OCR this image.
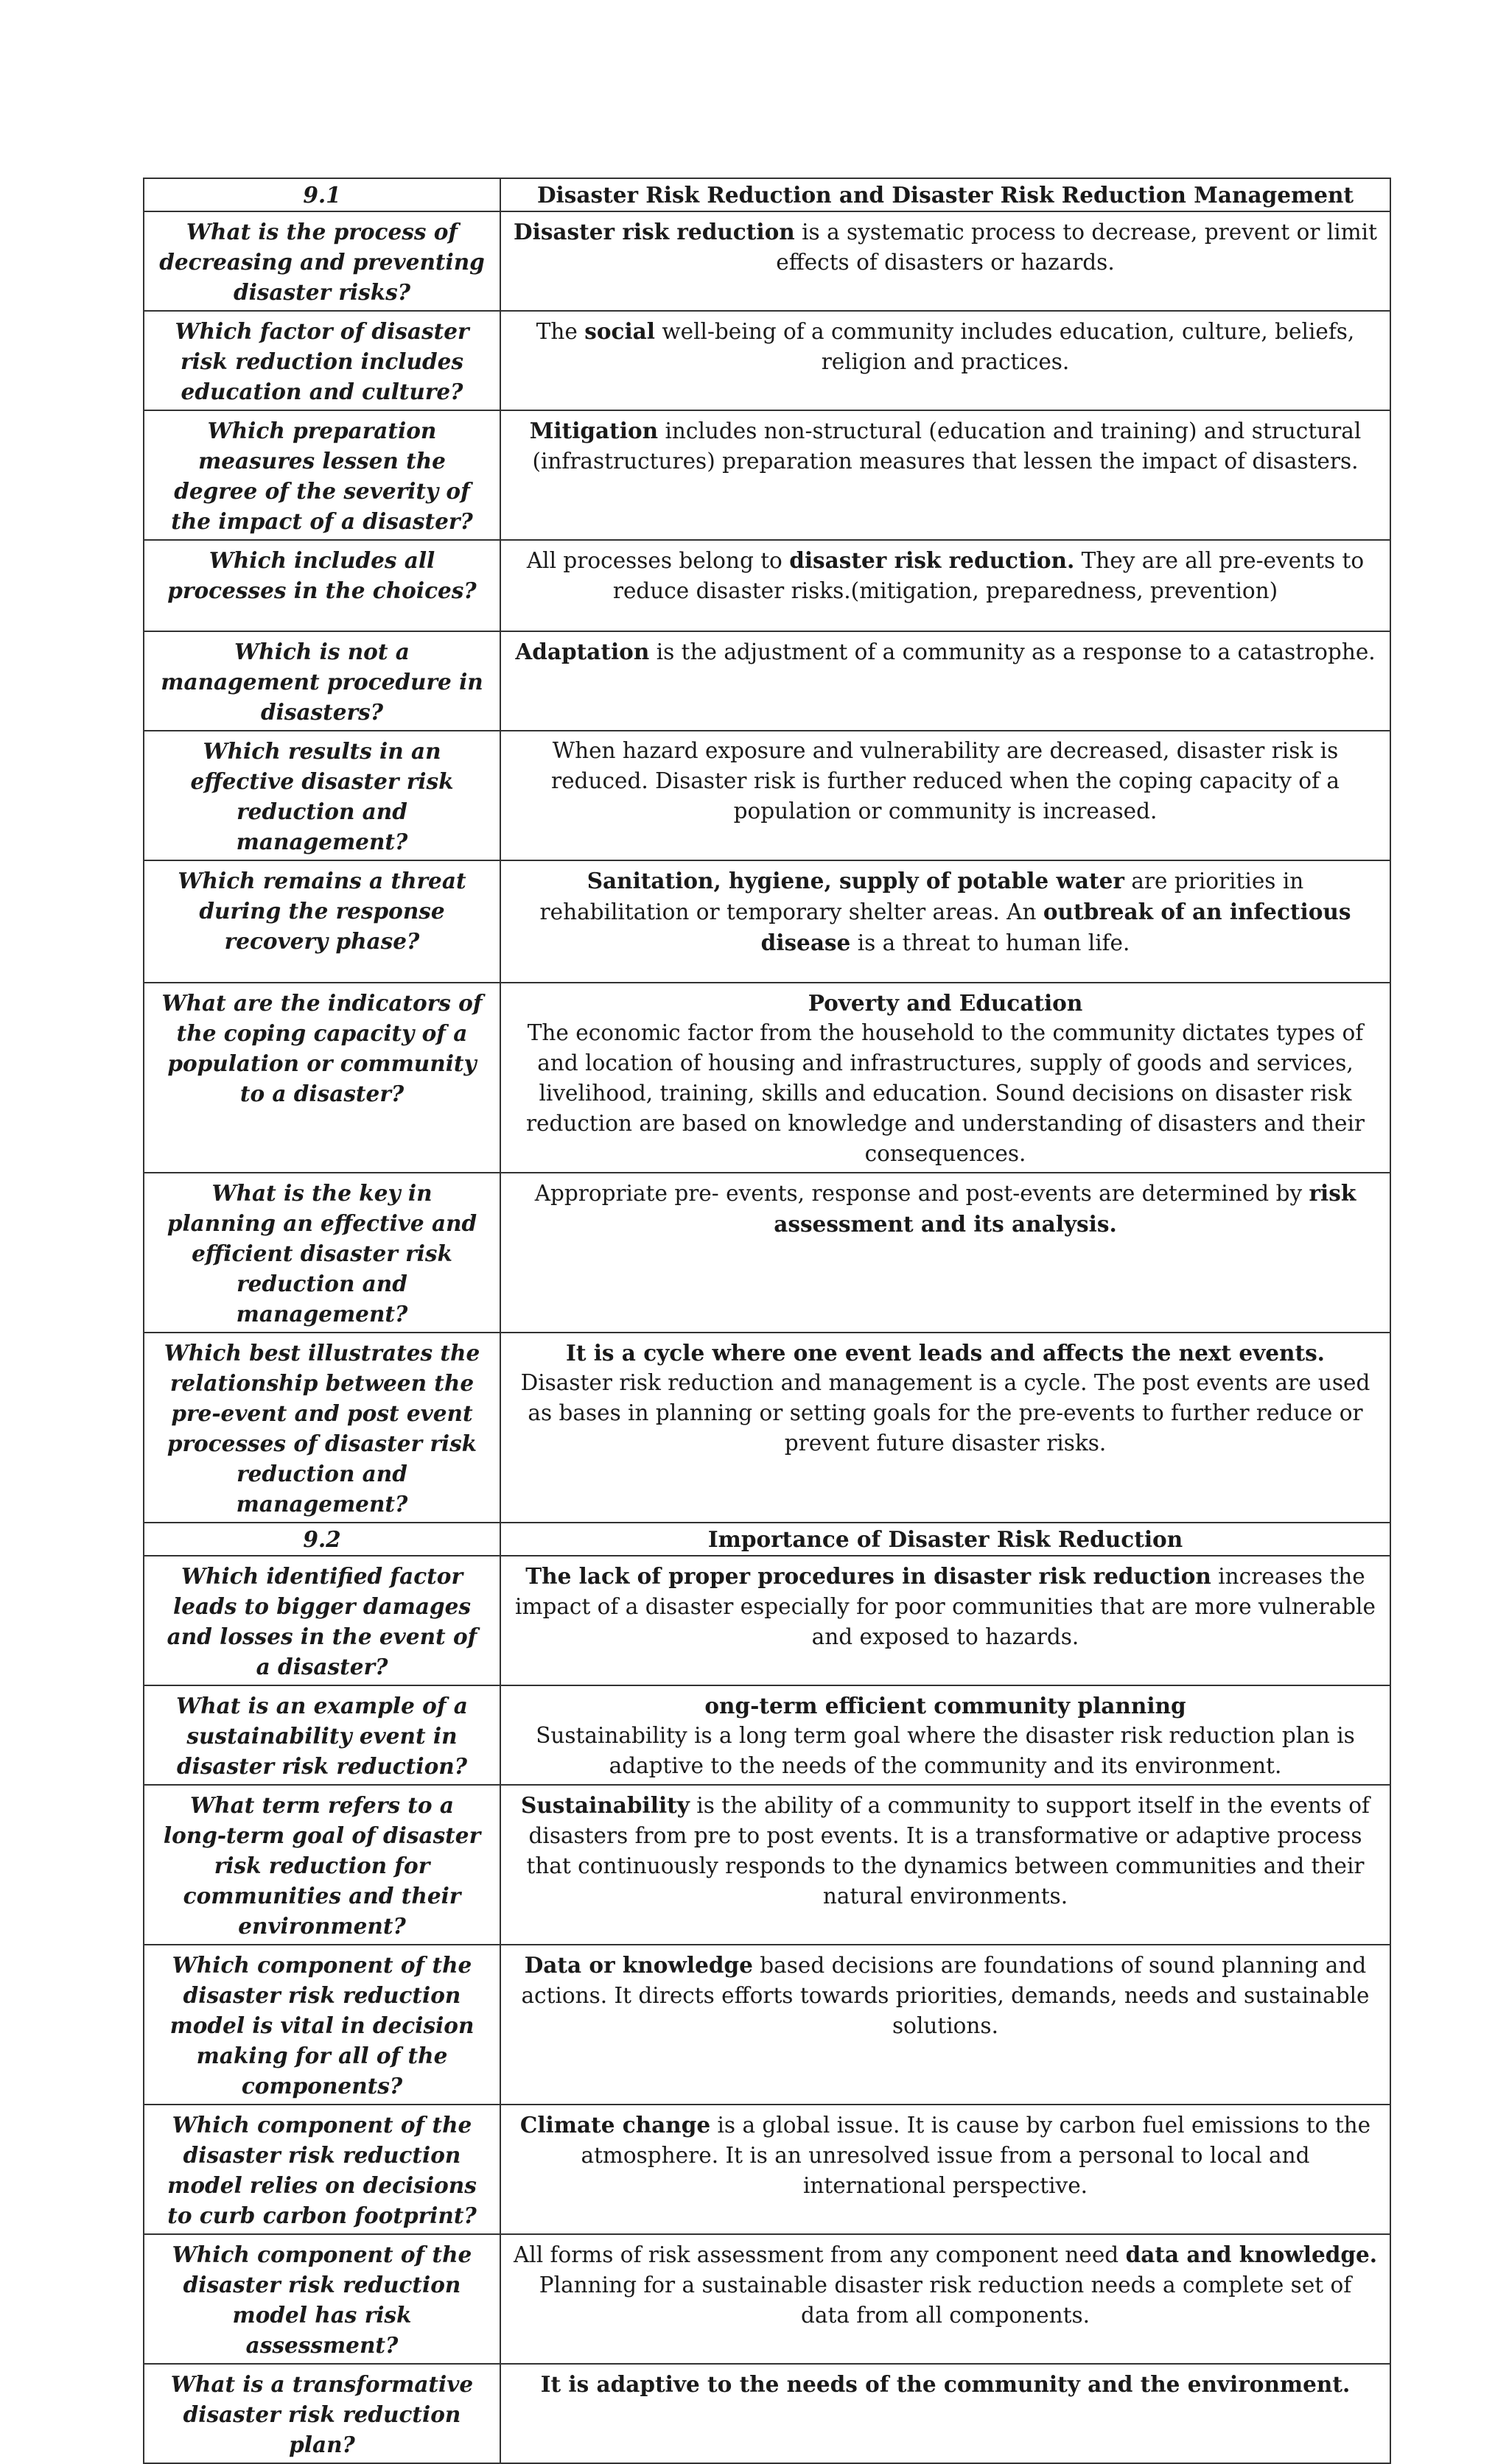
9.1	Disaster Risk Reduction and Disaster Risk Reduction Management
What is the process of decreasing and preventing disaster risks?	Disaster risk reduction is a systematic process to decrease, prevent or limit effects of disasters or hazards.
Which factor of disaster risk reduction includes education and culture?	The social well-being of a community includes education, culture, beliefs, religion and practices.
Which preparation measures lessen the degree of the severity of the impact of a disaster?	Mitigation includes non-structural (education and training) and structural (infrastructures) preparation measures that lessen the impact of disasters.
Which includes all processes in the choices?	All processes belong to disaster risk reduction. They are all pre-events to reduce disaster risks.(mitigation, preparedness, prevention)
Which is not a management procedure in disasters?	Adaptation is the adjustment of a community as a response to a catastrophe.
Which results in an effective disaster risk reduction and management?	When hazard exposure and vulnerability are decreased, disaster risk is reduced. Disaster risk is further reduced when the coping capacity of a population or community is increased.
Which remains a threat during the response recovery phase?	Sanitation, hygiene, supply of potable water are priorities in rehabilitation or temporary shelter areas. An outbreak of an infectious disease is a threat to human life.
What are the indicators of the coping capacity of a population or community to a disaster?	Poverty and Education
The economic factor from the household to the community dictates types of and location of housing and infrastructures, supply of goods and services, livelihood, training, skills and education. Sound decisions on disaster risk reduction are based on knowledge and understanding of disasters and their consequences.
What is the key in planning an effective and efficient disaster risk reduction and management?	Appropriate pre- events, response and post-events are determined by risk assessment and its analysis.
Which best illustrates the relationship between the pre-event and post event processes of disaster risk reduction and management?	It is a cycle where one event leads and affects the next events.
Disaster risk reduction and management is a cycle. The post events are used as bases in planning or setting goals for the pre-events to further reduce or prevent future disaster risks.
9.2	Importance of Disaster Risk Reduction
Which identified factor leads to bigger damages and losses in the event of a disaster?	The lack of proper procedures in disaster risk reduction increases the impact of a disaster especially for poor communities that are more vulnerable and exposed to hazards.
What is an example of a sustainability event in disaster risk reduction?	ong-term efficient community planning
Sustainability is a long term goal where the disaster risk reduction plan is adaptive to the needs of the community and its environment.
What term refers to a long-term goal of disaster risk reduction for communities and their environment?	Sustainability is the ability of a community to support itself in the events of disasters from pre to post events. It is a transformative or adaptive process that continuously responds to the dynamics between communities and their natural environments.
Which component of the disaster risk reduction model is vital in decision making for all of the components?	Data or knowledge based decisions are foundations of sound planning and actions. It directs efforts towards priorities, demands, needs and sustainable solutions.
Which component of the disaster risk reduction model relies on decisions to curb carbon footprint?	Climate change is a global issue. It is cause by carbon fuel emissions to the atmosphere. It is an unresolved issue from a personal to local and international perspective.
Which component of the disaster risk reduction model has risk assessment?	All forms of risk assessment from any component need data and knowledge. Planning for a sustainable disaster risk reduction needs a complete set of data from all components.
What is a transformative disaster risk reduction plan?	It is adaptive to the needs of the community and the environment.
